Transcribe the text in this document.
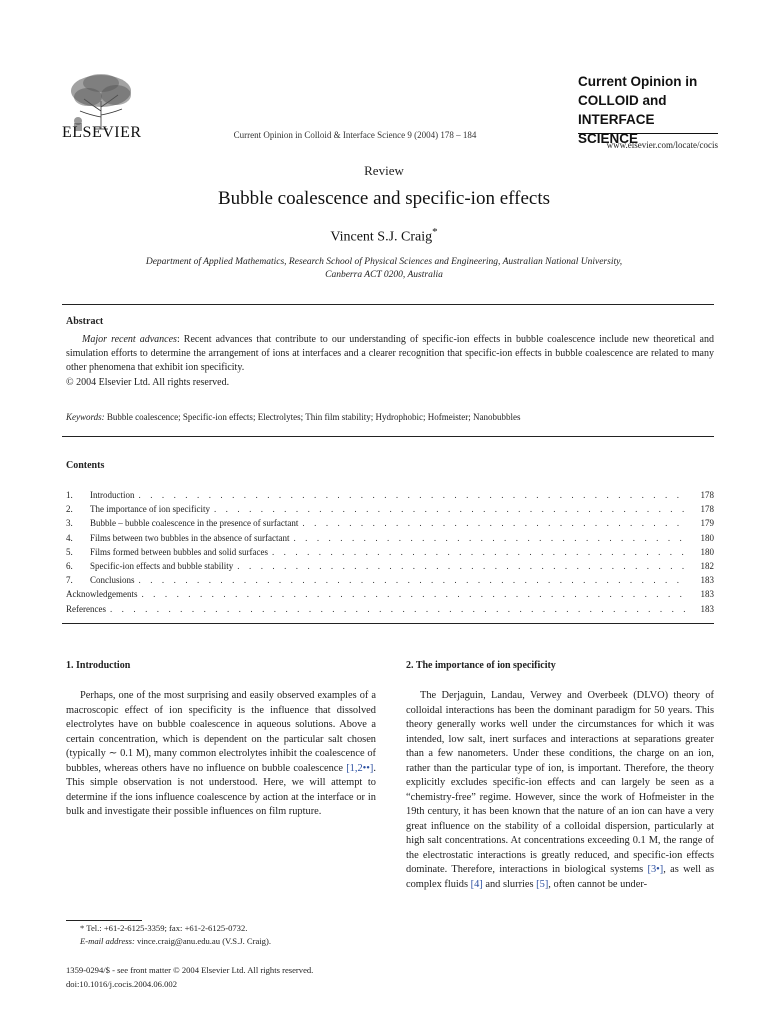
ELSEVIER	Current Opinion in Colloid & Interface Science 9 (2004) 178 – 184
Current Opinion in
COLLOID and
INTERFACE SCIENCE
www.elsevier.com/locate/cocis
Review
Bubble coalescence and specific-ion effects
Vincent S.J. Craig*
Department of Applied Mathematics, Research School of Physical Sciences and Engineering, Australian National University,
Canberra ACT 0200, Australia
Abstract

Major recent advances: Recent advances that contribute to our understanding of specific-ion effects in bubble coalescence include new theoretical and simulation efforts to determine the arrangement of ions at interfaces and a clearer recognition that specific-ion effects in bubble coalescence are related to many other phenomena that exhibit ion specificity.

© 2004 Elsevier Ltd. All rights reserved.

Keywords: Bubble coalescence; Specific-ion effects; Electrolytes; Thin film stability; Hydrophobic; Hofmeister; Nanobubbles
Contents
1.	Introduction . . .	178
2.	The importance of ion specificity . . .	178
3.	Bubble – bubble coalescence in the presence of surfactant . . .	179
4.	Films between two bubbles in the absence of surfactant . . .	180
5.	Films formed between bubbles and solid surfaces . . .	180
6.	Specific-ion effects and bubble stability . . .	182
7.	Conclusions . . .	183
Acknowledgements . . .	183
References . . .	183
1. Introduction

Perhaps, one of the most surprising and easily observed examples of a macroscopic effect of ion specificity is the influence that dissolved electrolytes have on bubble coalescence in aqueous solutions. Above a certain concentration, which is dependent on the particular salt chosen (typically ∼ 0.1 M), many common electrolytes inhibit the coalescence of bubbles, whereas others have no influence on bubble coalescence [1,2••]. This simple observation is not understood. Here, we will attempt to determine if the ions influence coalescence by action at the interface or in bulk and investigate their possible influences on film rupture.

2. The importance of ion specificity

The Derjaguin, Landau, Verwey and Overbeek (DLVO) theory of colloidal interactions has been the dominant paradigm for 50 years. This theory generally works well under the circumstances for which it was intended, low salt, inert surfaces and interactions at separations greater than a few nanometers. Under these conditions, the charge on an ion, rather than the particular type of ion, is important. Therefore, the theory explicitly excludes specific-ion effects and can largely be seen as a “chemistry-free” regime. However, since the work of Hofmeister in the 19th century, it has been known that the nature of an ion can have a very great influence on the stability of a colloidal dispersion, particularly at high salt concentrations. At concentrations exceeding 0.1 M, the range of the electrostatic interactions is greatly reduced, and specific-ion effects dominate. Therefore, interactions in biological systems [3•], as well as complex fluids [4] and slurries [5], often cannot be under-

* Tel.: +61-2-6125-3359; fax: +61-2-6125-0732.
E-mail address: vince.craig@anu.edu.au (V.S.J. Craig).
1359-0294/$ - see front matter © 2004 Elsevier Ltd. All rights reserved.
doi:10.1016/j.cocis.2004.06.002
